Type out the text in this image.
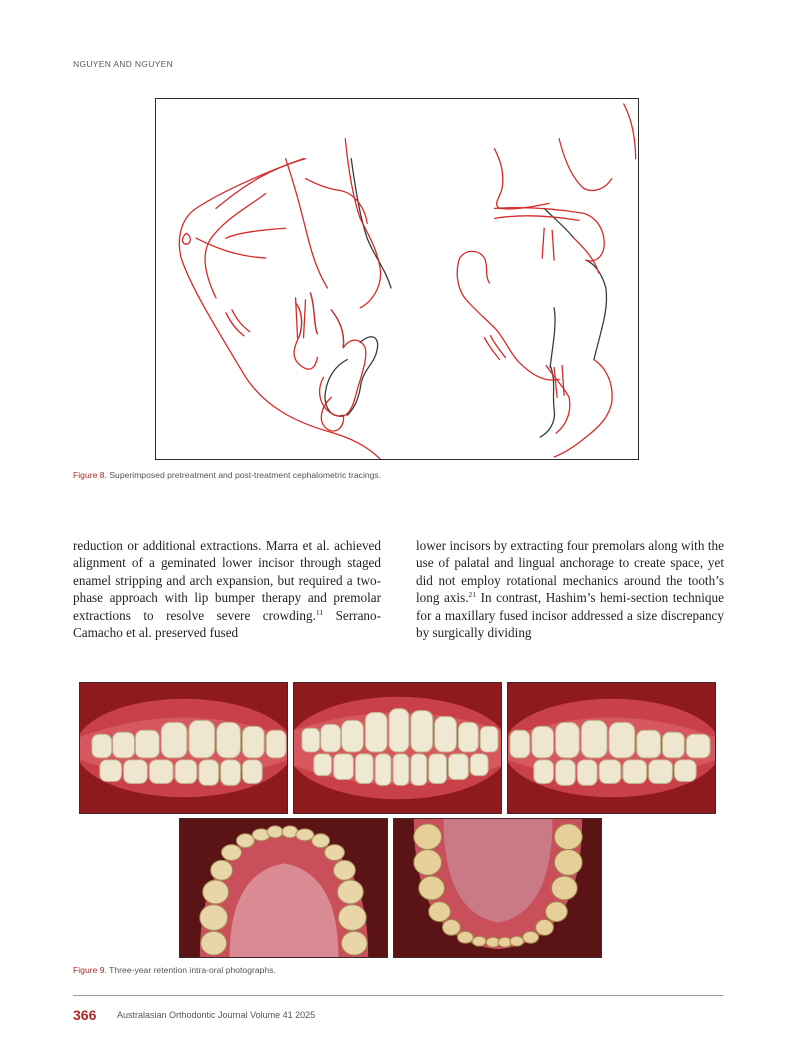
NGUYEN AND NGUYEN
Figure 8. Superimposed pretreatment and post-treatment cephalometric tracings.

reduction or additional extractions. Marra et al. achieved alignment of a geminated lower incisor through staged enamel stripping and arch expansion, but required a two-phase approach with lip bumper therapy and premolar extractions to resolve severe crowding.$^{11}$ Serrano-Camacho et al. preserved fused

lower incisors by extracting four premolars along with the use of palatal and lingual anchorage to create space, yet did not employ rotational mechanics around the tooth’s long axis.$^{21}$ In contrast, Hashim’s hemi-section technique for a maxillary fused incisor addressed a size discrepancy by surgically dividing

Figure 9. Three-year retention intra-oral photographs.
366 Australasian Orthodontic Journal Volume 41 2025
